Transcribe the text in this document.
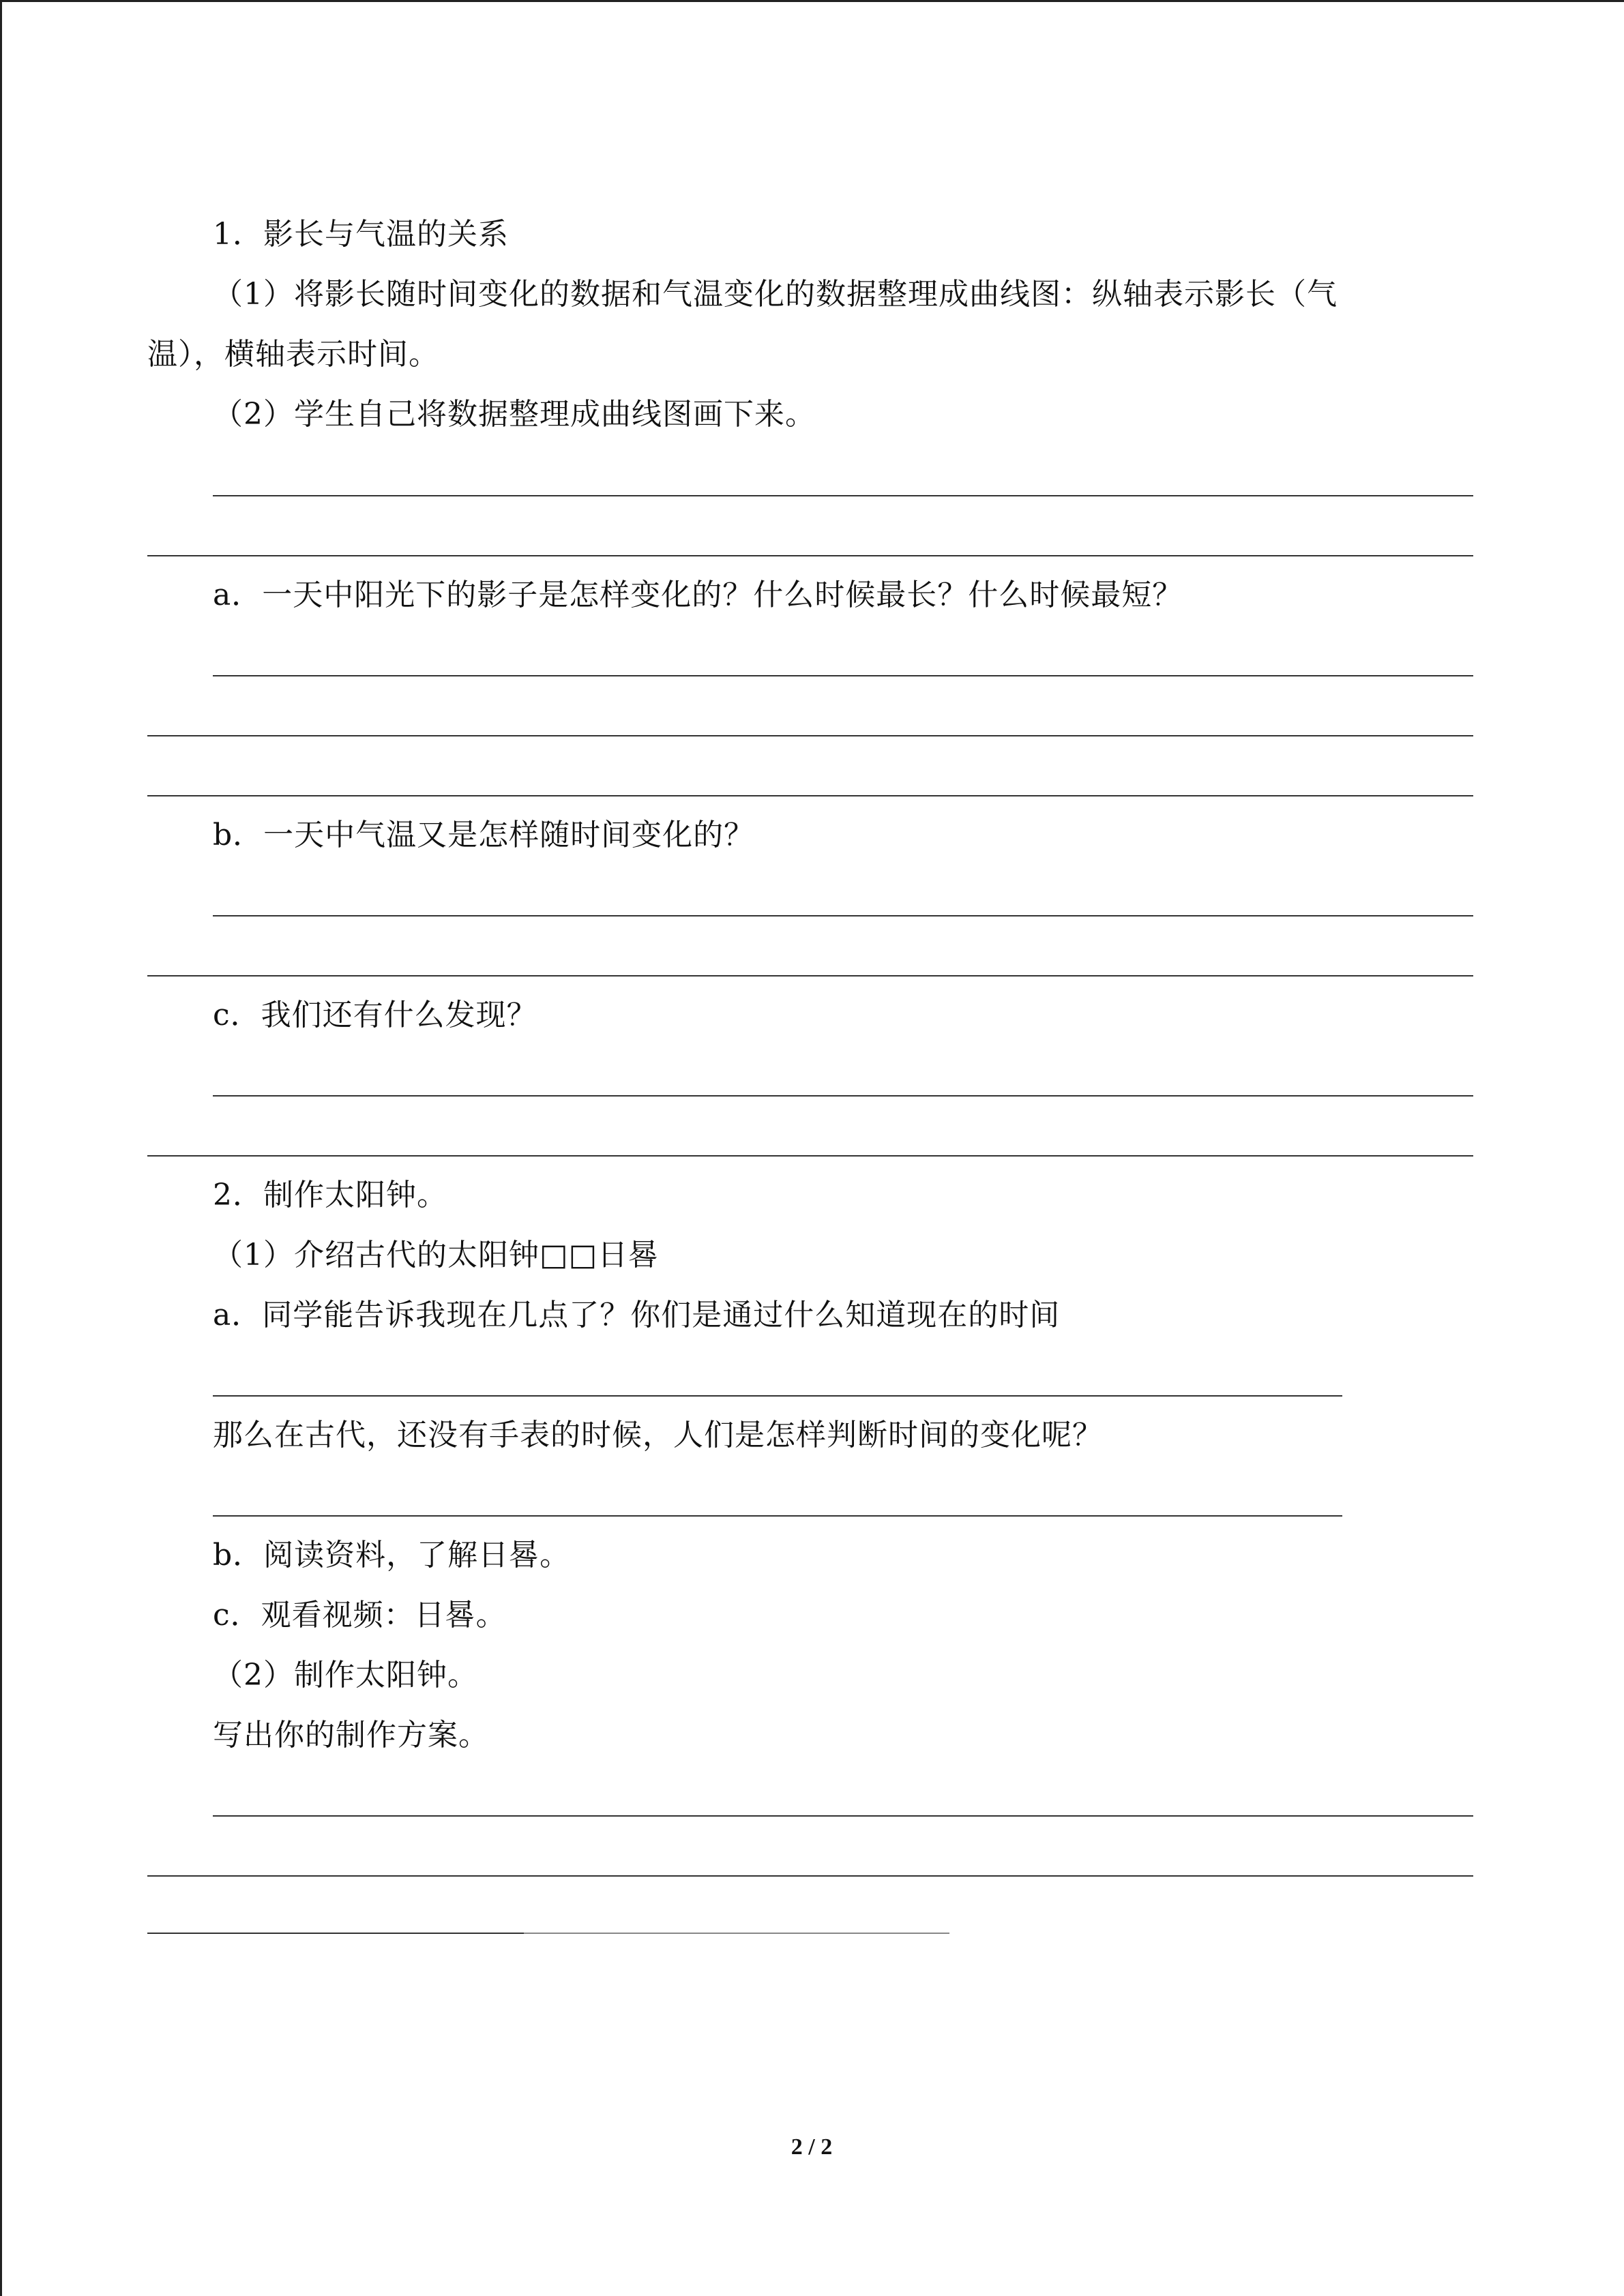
1．影长与气温的关系
（1）将影长随时间变化的数据和气温变化的数据整理成曲线图：纵轴表示影长（气
温），横轴表示时间。
（2）学生自己将数据整理成曲线图画下来。
a．一天中阳光下的影子是怎样变化的？什么时候最长？什么时候最短？
b．一天中气温又是怎样随时间变化的？
c．我们还有什么发现？
2．制作太阳钟。
（1）介绍古代的太阳钟□□日晷
a．同学能告诉我现在几点了？你们是通过什么知道现在的时间
那么在古代，还没有手表的时候，人们是怎样判断时间的变化呢？
b．阅读资料，了解日晷。
c．观看视频：日晷。
（2）制作太阳钟。
写出你的制作方案。
2 / 2
